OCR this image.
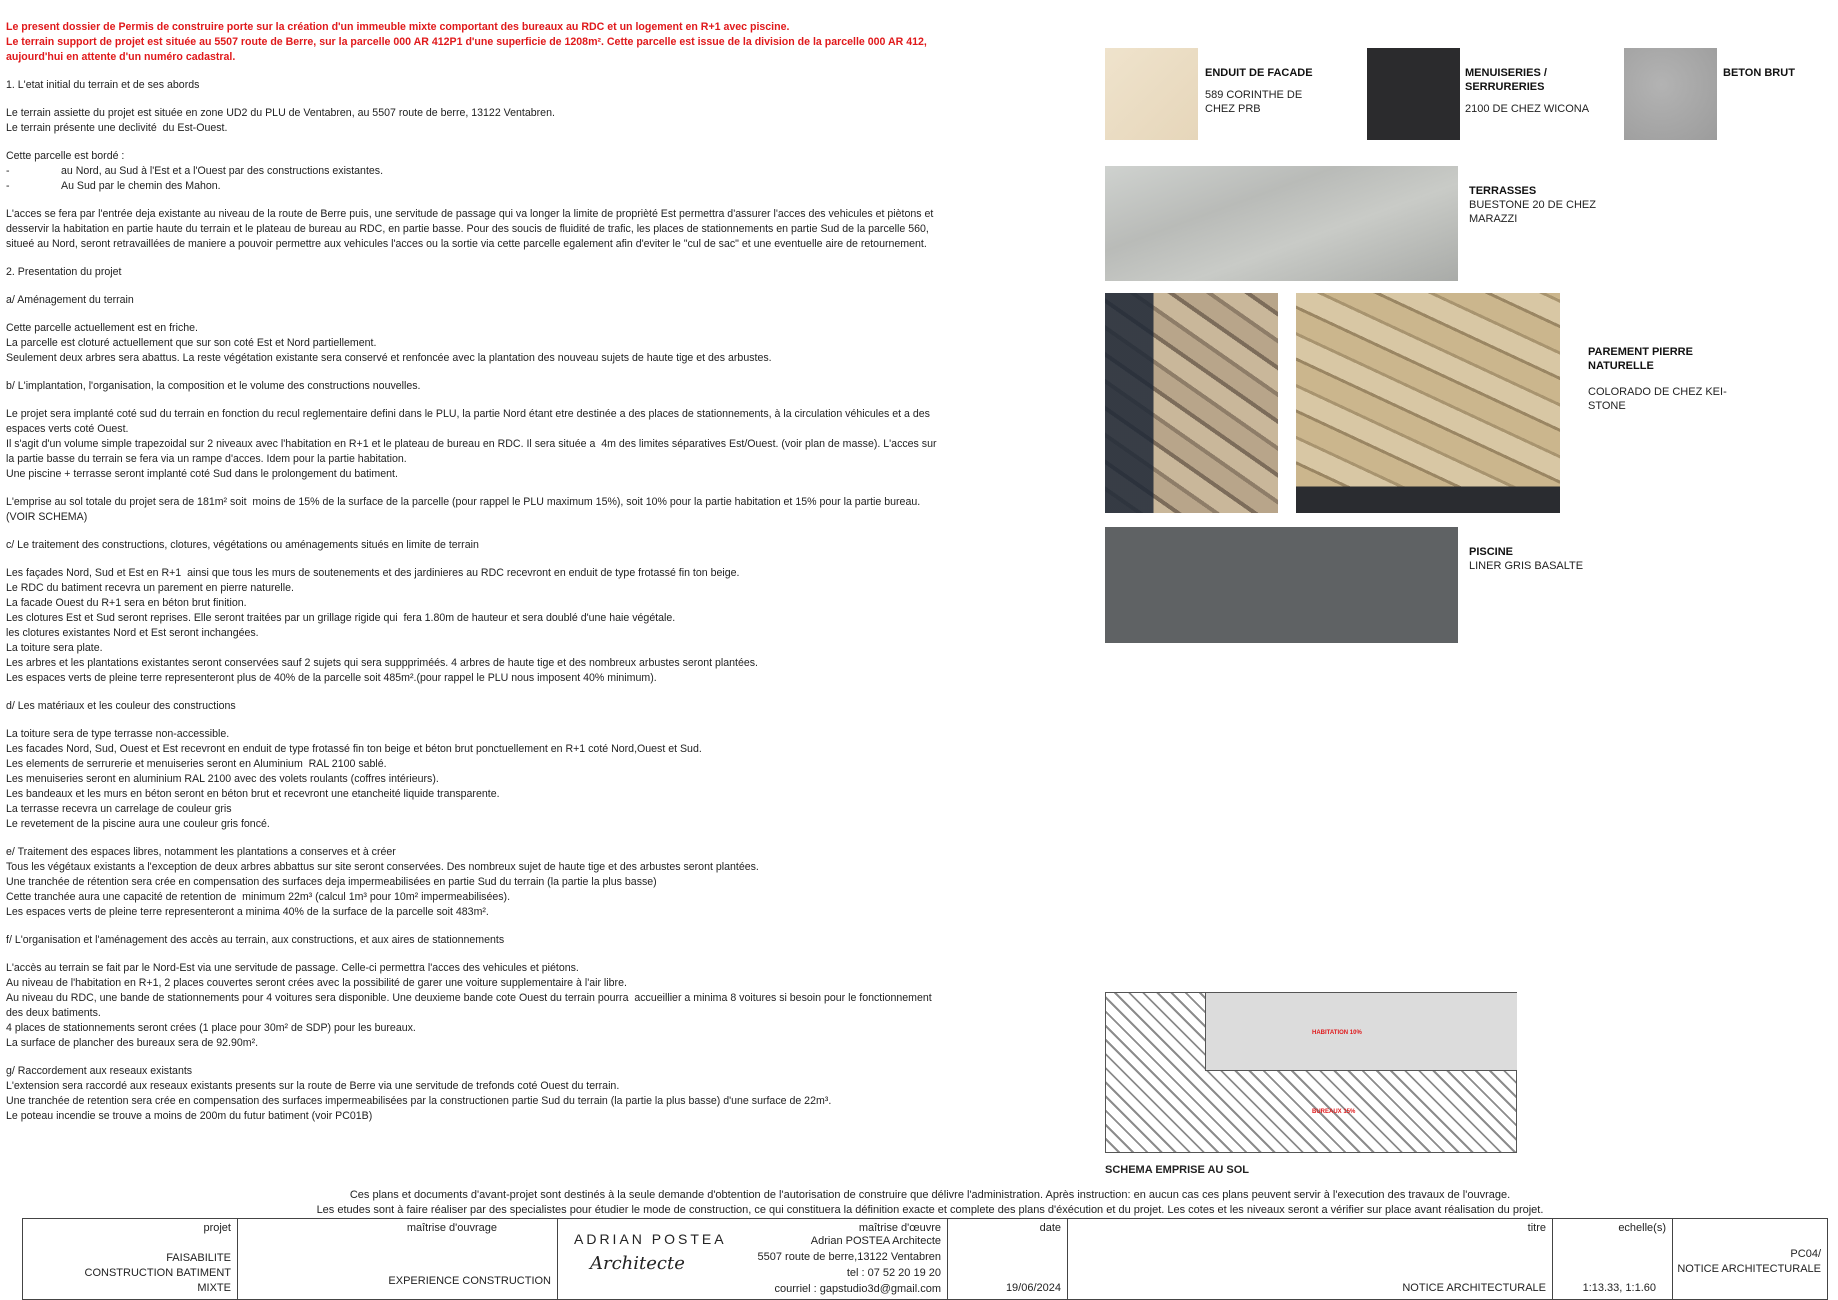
Le present dossier de Permis de construire porte sur la création d'un immeuble mixte comportant des bureaux au RDC et un logement en R+1 avec piscine.

Le terrain support de projet est située au 5507 route de Berre, sur la parcelle 000 AR 412P1 d'une superficie de 1208m². Cette parcelle est issue de la division de la parcelle 000 AR 412,

aujourd'hui en attente d'un numéro cadastral.

1. L'etat initial du terrain et de ses abords

Le terrain assiette du projet est située en zone UD2 du PLU de Ventabren, au 5507 route de berre, 13122 Ventabren.

Le terrain présente une declivité  du Est-Ouest.

Cette parcelle est bordé :

- au Nord, au Sud à l'Est et a l'Ouest par des constructions existantes.

- Au Sud par le chemin des Mahon.

L'acces se fera par l'entrée deja existante au niveau de la route de Berre puis, une servitude de passage qui va longer la limite de proprièté Est permettra d'assurer l'acces des vehicules et piètons et

desservir la habitation en partie haute du terrain et le plateau de bureau au RDC, en partie basse. Pour des soucis de fluidité de trafic, les places de stationnements en partie Sud de la parcelle 560,

situeé au Nord, seront retravaillées de maniere a pouvoir permettre aux vehicules l'acces ou la sortie via cette parcelle egalement afin d'eviter le "cul de sac" et une eventuelle aire de retournement.

2. Presentation du projet

a/ Aménagement du terrain

Cette parcelle actuellement est en friche.

La parcelle est cloturé actuellement que sur son coté Est et Nord partiellement.

Seulement deux arbres sera abattus. La reste végétation existante sera conservé et renfoncée avec la plantation des nouveau sujets de haute tige et des arbustes.

b/ L'implantation, l'organisation, la composition et le volume des constructions nouvelles.

Le projet sera implanté coté sud du terrain en fonction du recul reglementaire defini dans le PLU, la partie Nord étant etre destinée a des places de stationnements, à la circulation véhicules et a des

espaces verts coté Ouest.

Il s'agit d'un volume simple trapezoidal sur 2 niveaux avec l'habitation en R+1 et le plateau de bureau en RDC. Il sera située a  4m des limites séparatives Est/Ouest. (voir plan de masse). L'acces sur

la partie basse du terrain se fera via un rampe d'acces. Idem pour la partie habitation.

Une piscine + terrasse seront implanté coté Sud dans le prolongement du batiment.

L'emprise au sol totale du projet sera de 181m² soit  moins de 15% de la surface de la parcelle (pour rappel le PLU maximum 15%), soit 10% pour la partie habitation et 15% pour la partie bureau.

(VOIR SCHEMA)

c/ Le traitement des constructions, clotures, végétations ou aménagements situés en limite de terrain

Les façades Nord, Sud et Est en R+1  ainsi que tous les murs de soutenements et des jardinieres au RDC recevront en enduit de type frotassé fin ton beige.

Le RDC du batiment recevra un parement en pierre naturelle.

La facade Ouest du R+1 sera en béton brut finition.

Les clotures Est et Sud seront reprises. Elle seront traitées par un grillage rigide qui  fera 1.80m de hauteur et sera doublé d'une haie végétale.

les clotures existantes Nord et Est seront inchangées.

La toiture sera plate.

Les arbres et les plantations existantes seront conservées sauf 2 sujets qui sera supppriméés. 4 arbres de haute tige et des nombreux arbustes seront plantées.

Les espaces verts de pleine terre representeront plus de 40% de la parcelle soit 485m².(pour rappel le PLU nous imposent 40% minimum).

d/ Les matériaux et les couleur des constructions

La toiture sera de type terrasse non-accessible.

Les facades Nord, Sud, Ouest et Est recevront en enduit de type frotassé fin ton beige et béton brut ponctuellement en R+1 coté Nord,Ouest et Sud.

Les elements de serrurerie et menuiseries seront en Aluminium  RAL 2100 sablé.

Les menuiseries seront en aluminium RAL 2100 avec des volets roulants (coffres intérieurs).

Les bandeaux et les murs en béton seront en béton brut et recevront une etancheité liquide transparente.

La terrasse recevra un carrelage de couleur gris

Le revetement de la piscine aura une couleur gris foncé.

e/ Traitement des espaces libres, notamment les plantations a conserves et à créer

Tous les végétaux existants a l'exception de deux arbres abbattus sur site seront conservées. Des nombreux sujet de haute tige et des arbustes seront plantées.

Une tranchée de rétention sera crée en compensation des surfaces deja impermeabilisées en partie Sud du terrain (la partie la plus basse)

Cette tranchée aura une capacité de retention de  minimum 22m³ (calcul 1m³ pour 10m² impermeabilisées).

Les espaces verts de pleine terre representeront a minima 40% de la surface de la parcelle soit 483m².

f/ L'organisation et l'aménagement des accès au terrain, aux constructions, et aux aires de stationnements

L'accès au terrain se fait par le Nord-Est via une servitude de passage. Celle-ci permettra l'acces des vehicules et piétons.

Au niveau de l'habitation en R+1, 2 places couvertes seront crées avec la possibilité de garer une voiture supplementaire à l'air libre.

Au niveau du RDC, une bande de stationnements pour 4 voitures sera disponible. Une deuxieme bande cote Ouest du terrain pourra  accueillier a minima 8 voitures si besoin pour le fonctionnement

des deux batiments.

4 places de stationnements seront crées (1 place pour 30m² de SDP) pour les bureaux.

La surface de plancher des bureaux sera de 92.90m².

g/ Raccordement aux reseaux existants

L'extension sera raccordé aux reseaux existants presents sur la route de Berre via une servitude de trefonds coté Ouest du terrain.

Une tranchée de retention sera crée en compensation des surfaces impermeabilisées par la constructionen partie Sud du terrain (la partie la plus basse) d'une surface de 22m³.

Le poteau incendie se trouve a moins de 200m du futur batiment (voir PC01B)

ENDUIT DE FACADE
589 CORINTHE DE CHEZ PRB
MENUISERIES / SERRURERIES
2100 DE CHEZ WICONA
BETON BRUT
TERRASSES
BUESTONE 20 DE CHEZ MARAZZI
PAREMENT PIERRE NATURELLE
COLORADO DE CHEZ KEI-STONE
PISCINE
LINER GRIS BASALTE
HABITATION 10%
BUREAUX 15%
SCHEMA EMPRISE AU SOL
Ces plans et documents d'avant-projet sont destinés à la seule demande d'obtention de l'autorisation de construire que délivre l'administration. Après instruction: en aucun cas ces plans peuvent servir à l'execution des travaux de l'ouvrage.
Les etudes sont à faire réaliser par des specialistes pour étudier le mode de construction, ce qui constituera la définition exacte et complete des plans d'éxécution et du projet. Les cotes et les niveaux seront a vérifier sur place avant réalisation du projet.
projet
FAISABILITE
CONSTRUCTION BATIMENT
MIXTE
maîtrise d'ouvrage
EXPERIENCE CONSTRUCTION
maîtrise d'œuvre
ADRIAN POSTEA
Architecte
Adrian POSTEA Architecte
5507 route de berre,13122 Ventabren
tel : 07 52 20 19 20
courriel : gapstudio3d@gmail.com
date
19/06/2024
titre
NOTICE ARCHITECTURALE
echelle(s)
1:13.33, 1:1.60
PC04/
NOTICE ARCHITECTURALE
